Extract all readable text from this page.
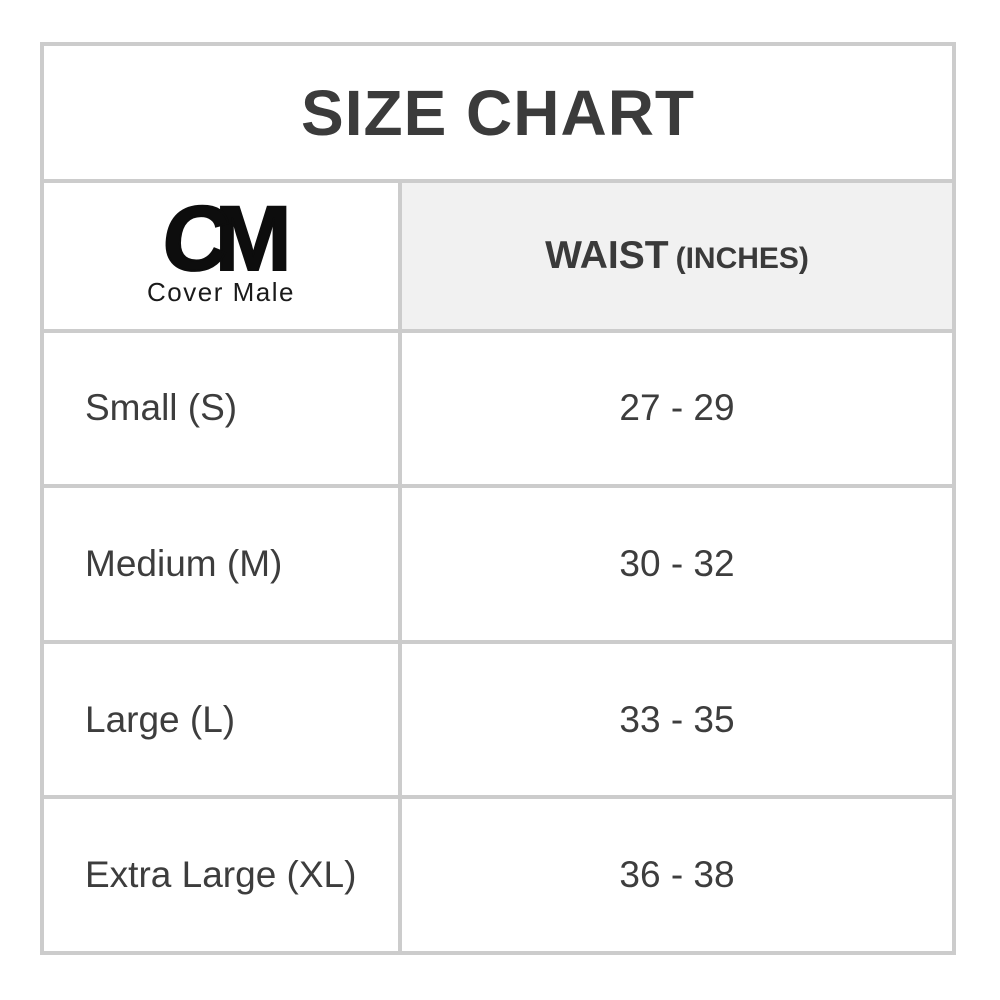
SIZE CHART	

CM
Cover Male	WAIST (INCHES)
Small (S)	27 - 29
Medium (M)	30 - 32
Large (L)	33 - 35
Extra Large (XL)	36 - 38
